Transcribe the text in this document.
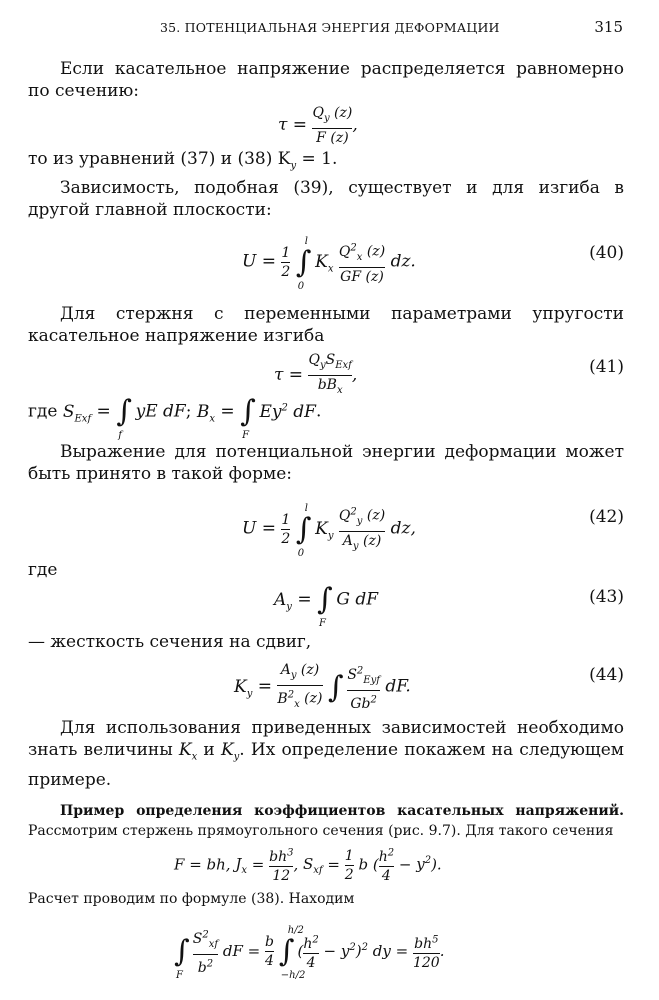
35. ПОТЕНЦИАЛЬНАЯ ЭНЕРГИЯ ДЕФОРМАЦИИ	315

Если касательное напряжение распределяется равномерно по сечению:

$\tau = \frac{Q_y (z)}{F (z)}$ ,

то из уравнений (37) и (38) $K_y = 1$.

Зависимость, подобная (39), существует и для изгиба в другой главной плоскости:

$U = \frac{1}{2}$

l
∫
0
$K_x \frac{Q^2_x (z)}{GF (z)}$ dz.	(40)

Для стержня с переменными параметрами упругости касательное напряжение изгиба

$\tau = \frac{Q_yS_{Exf}}{bB_x}$ ,	(41)
где $S_{Exf}$ = ∫
f
yE dF; $B_x$ = ∫
F
Ey$^2$ dF.

Выражение для потенциальной энергии деформации может быть принято в такой форме:

$U = \frac{1}{2}$

l
∫
0
$K_y \frac{Q^2_y (z)}{A_y (z)}$ dz,
(42)

где

$A_y$ = ∫
F
G dF	(43)

— жесткость сечения на сдвиг,

$K_y = \frac{A_y (z)}{B^2_x (z)}$ ∫ $\frac{S^2_{Eyf}}{Gb^2}$ dF.
(44)

Для использования приведенных зависимостей необходимо знать величины $K_x$ и $K_y$. Их определение покажем на следующем примере.

Пример определения коэффициентов касательных напряжений. Рассмотрим стержень прямоугольного сечения (рис. 9.7). Для такого сечения

F = bh, $J_x = \frac{bh^3}{12}$ , $S_{xf} = \frac{1}{2}$ b ( $\frac{h^2}{4} - y^2$).

Расчет проводим по формуле (38). Находим

∫
F
$\frac{S^2_{xf}}{b^2}$ dF = $\frac{b}{4}$

h/2
∫
−h/2
( $\frac{h^2}{4} - y^2)^2$ dy = $\frac{bh^5}{120}$ .
